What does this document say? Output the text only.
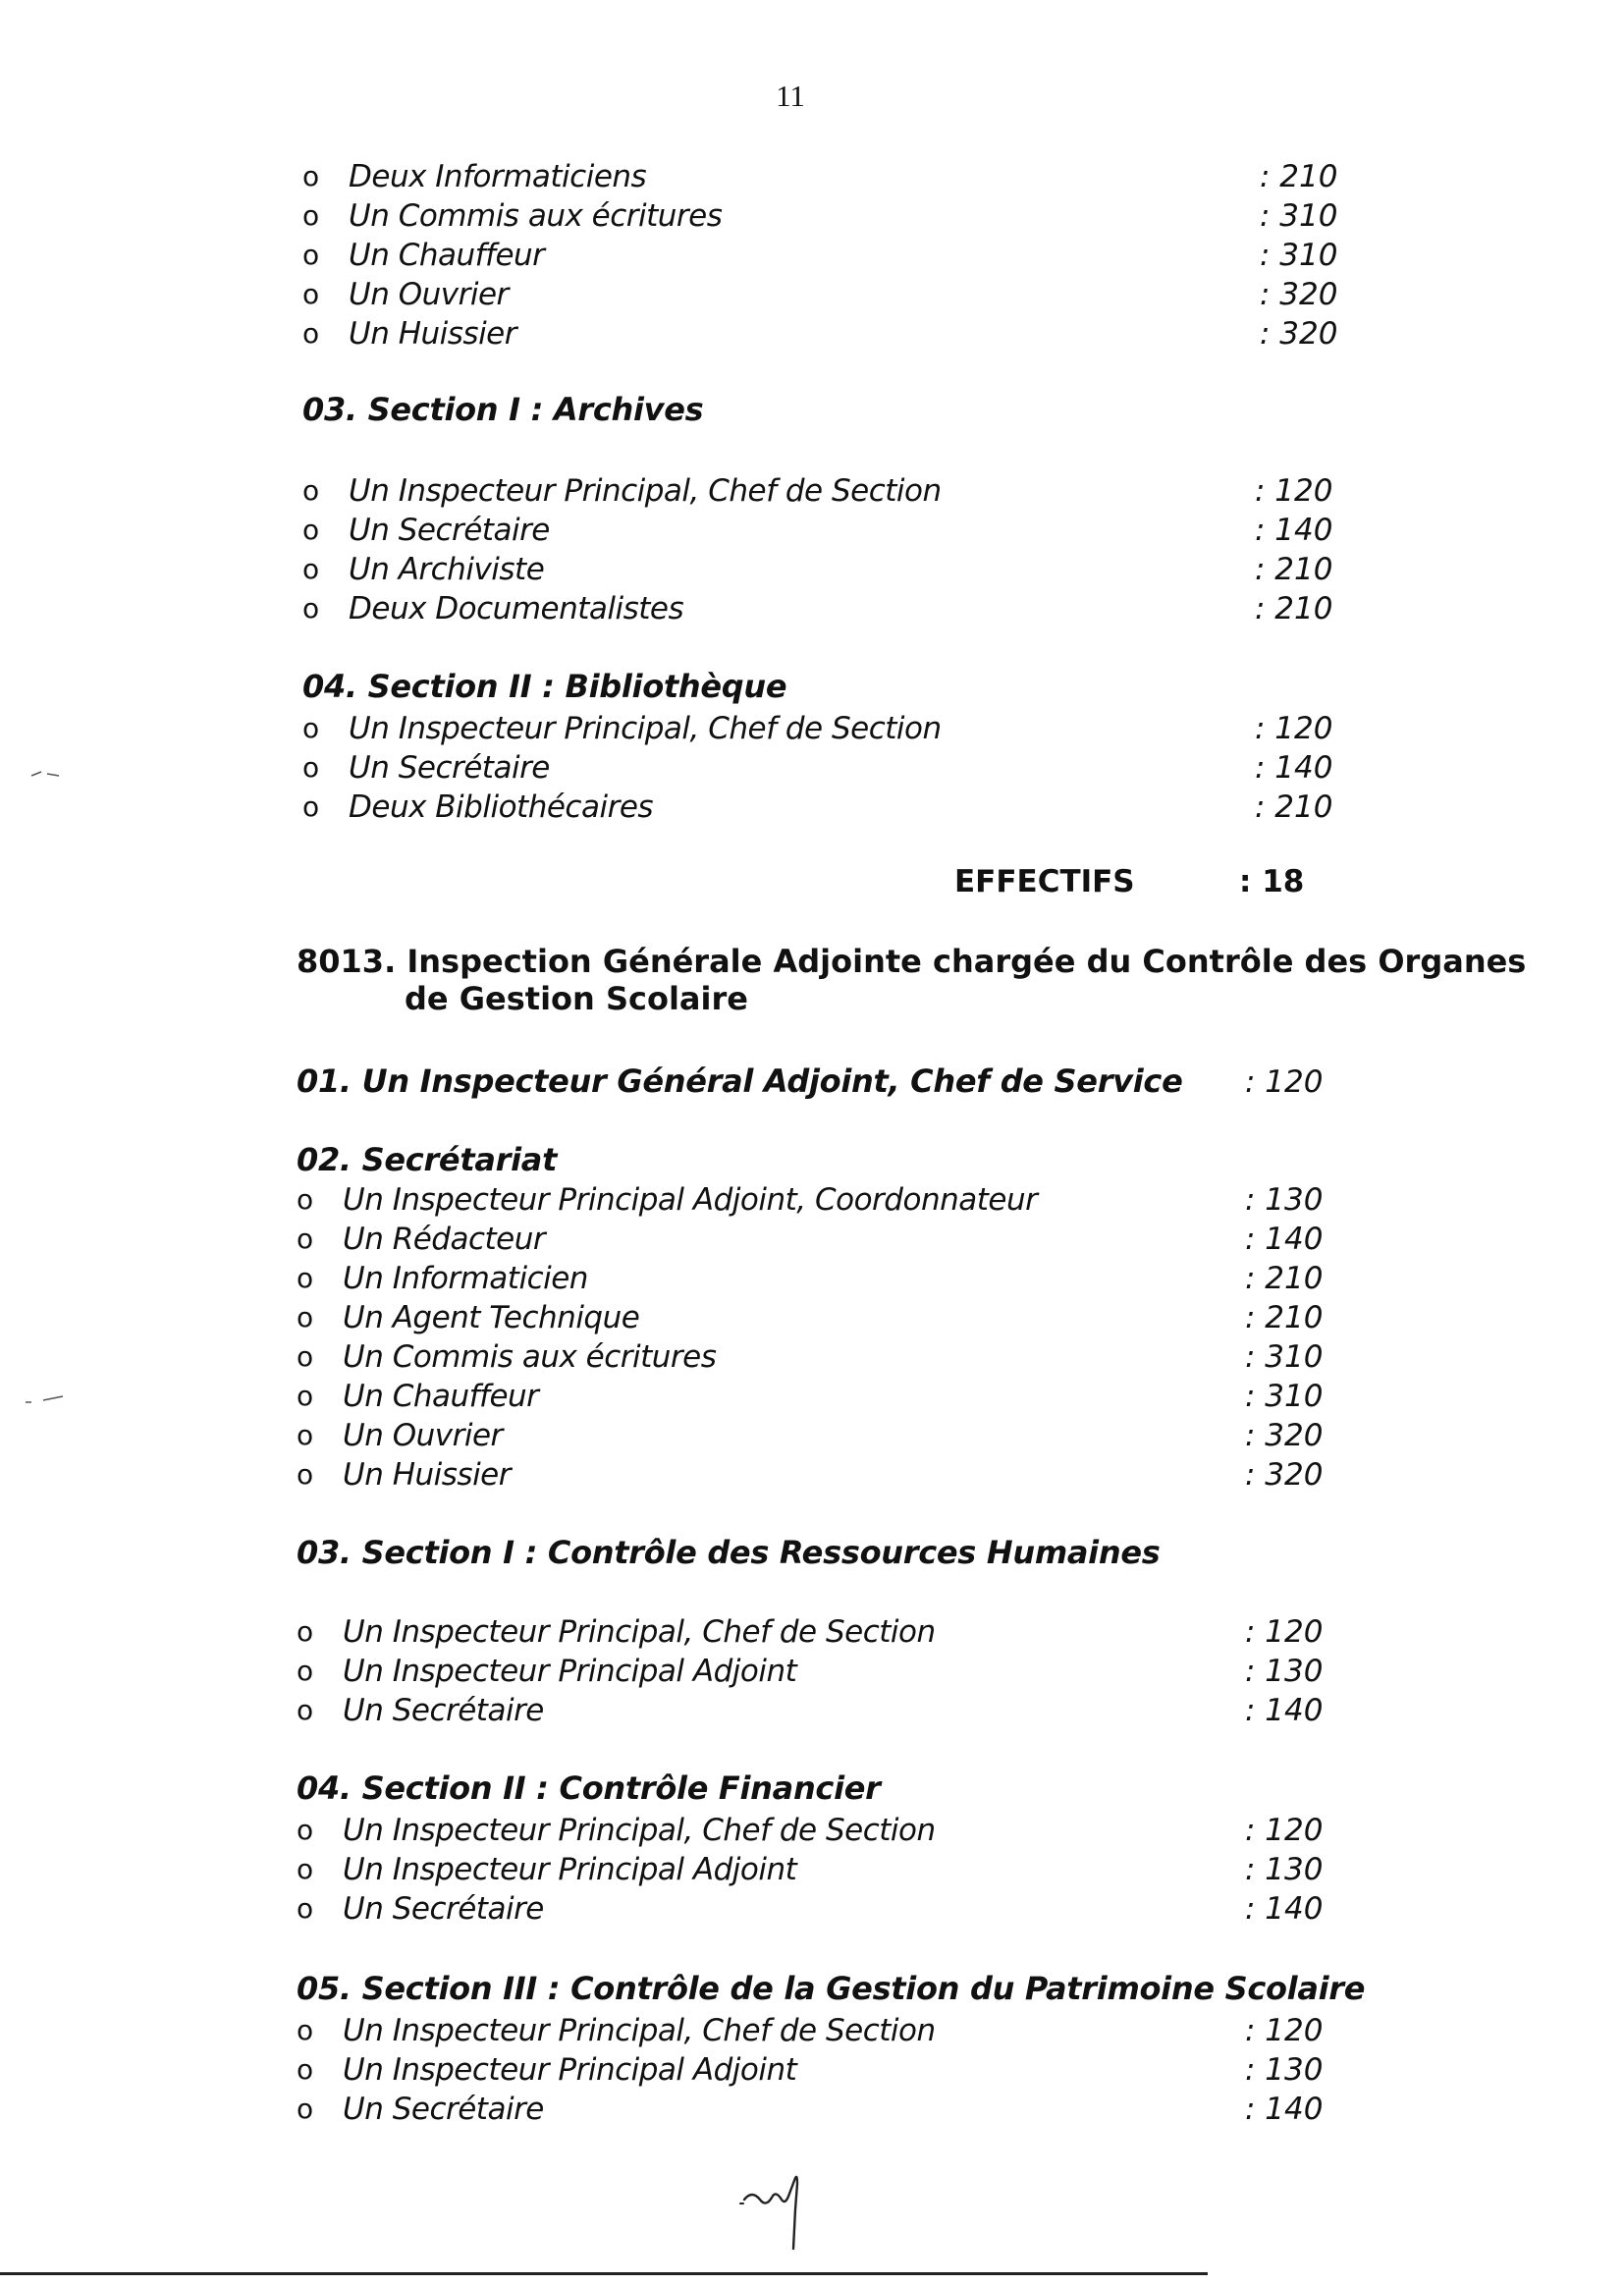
11
o Deux Informaticiens	: 210
o Un Commis aux écritures	: 310
o Un Chauffeur	: 310
o Un Ouvrier	: 320
o Un Huissier	: 320
03. Section I : Archives
o Un Inspecteur Principal, Chef de Section	: 120
o Un Secrétaire	: 140
o Un Archiviste	: 210
o Deux Documentalistes	: 210
04. Section II : Bibliothèque
o Un Inspecteur Principal, Chef de Section	: 120
o Un Secrétaire	: 140
o Deux Bibliothécaires	: 210
EFFECTIFS	: 18
8013. Inspection Générale Adjointe chargée du Contrôle des Organes
de Gestion Scolaire
01. Un Inspecteur Général Adjoint, Chef de Service : 120
02. Secrétariat
o Un Inspecteur Principal Adjoint, Coordonnateur	: 130
o Un Rédacteur	: 140
o Un Informaticien	: 210
o Un Agent Technique	: 210
o Un Commis aux écritures	: 310
o Un Chauffeur	: 310
o Un Ouvrier	: 320
o Un Huissier	: 320
03. Section I : Contrôle des Ressources Humaines
o Un Inspecteur Principal, Chef de Section	: 120
o Un Inspecteur Principal Adjoint	: 130
o Un Secrétaire	: 140
04. Section II : Contrôle Financier
o Un Inspecteur Principal, Chef de Section	: 120
o Un Inspecteur Principal Adjoint	: 130
o Un Secrétaire	: 140
05. Section III : Contrôle de la Gestion du Patrimoine Scolaire
o Un Inspecteur Principal, Chef de Section	: 120
o Un Inspecteur Principal Adjoint	: 130
o Un Secrétaire	: 140
